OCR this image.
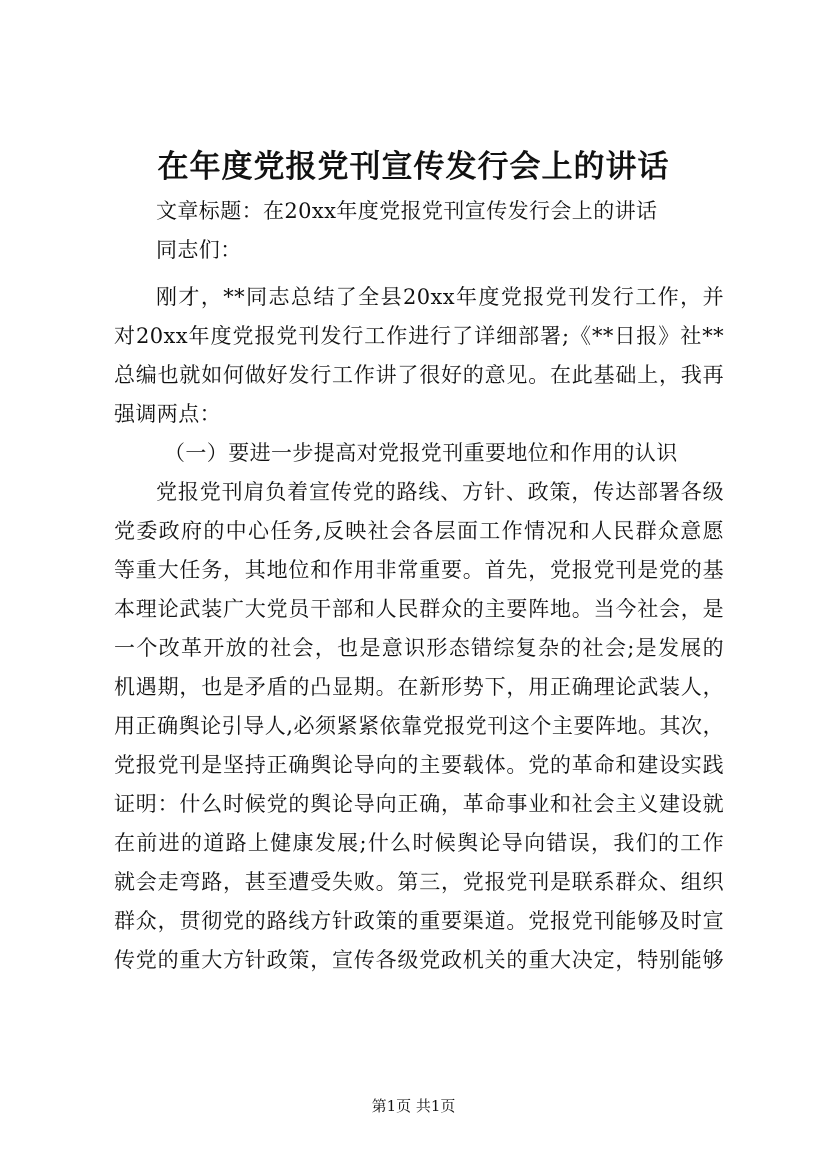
在年度党报党刊宣传发行会上的讲话
文章标题：在20xx年度党报党刊宣传发行会上的讲话
同志们：
刚才，**同志总结了全县20xx年度党报党刊发行工作，并
对20xx年度党报党刊发行工作进行了详细部署;《**日报》社**
总编也就如何做好发行工作讲了很好的意见。在此基础上，我再
强调两点：
（一）要进一步提高对党报党刊重要地位和作用的认识
党报党刊肩负着宣传党的路线、方针、政策，传达部署各级
党委政府的中心任务,反映社会各层面工作情况和人民群众意愿
等重大任务，其地位和作用非常重要。首先，党报党刊是党的基
本理论武装广大党员干部和人民群众的主要阵地。当今社会，是
一个改革开放的社会，也是意识形态错综复杂的社会;是发展的
机遇期，也是矛盾的凸显期。在新形势下，用正确理论武装人，
用正确舆论引导人,必须紧紧依靠党报党刊这个主要阵地。其次，
党报党刊是坚持正确舆论导向的主要载体。党的革命和建设实践
证明：什么时候党的舆论导向正确，革命事业和社会主义建设就
在前进的道路上健康发展;什么时候舆论导向错误，我们的工作
就会走弯路，甚至遭受失败。第三，党报党刊是联系群众、组织
群众，贯彻党的路线方针政策的重要渠道。党报党刊能够及时宣
传党的重大方针政策，宣传各级党政机关的重大决定，特别能够
第1页 共1页
